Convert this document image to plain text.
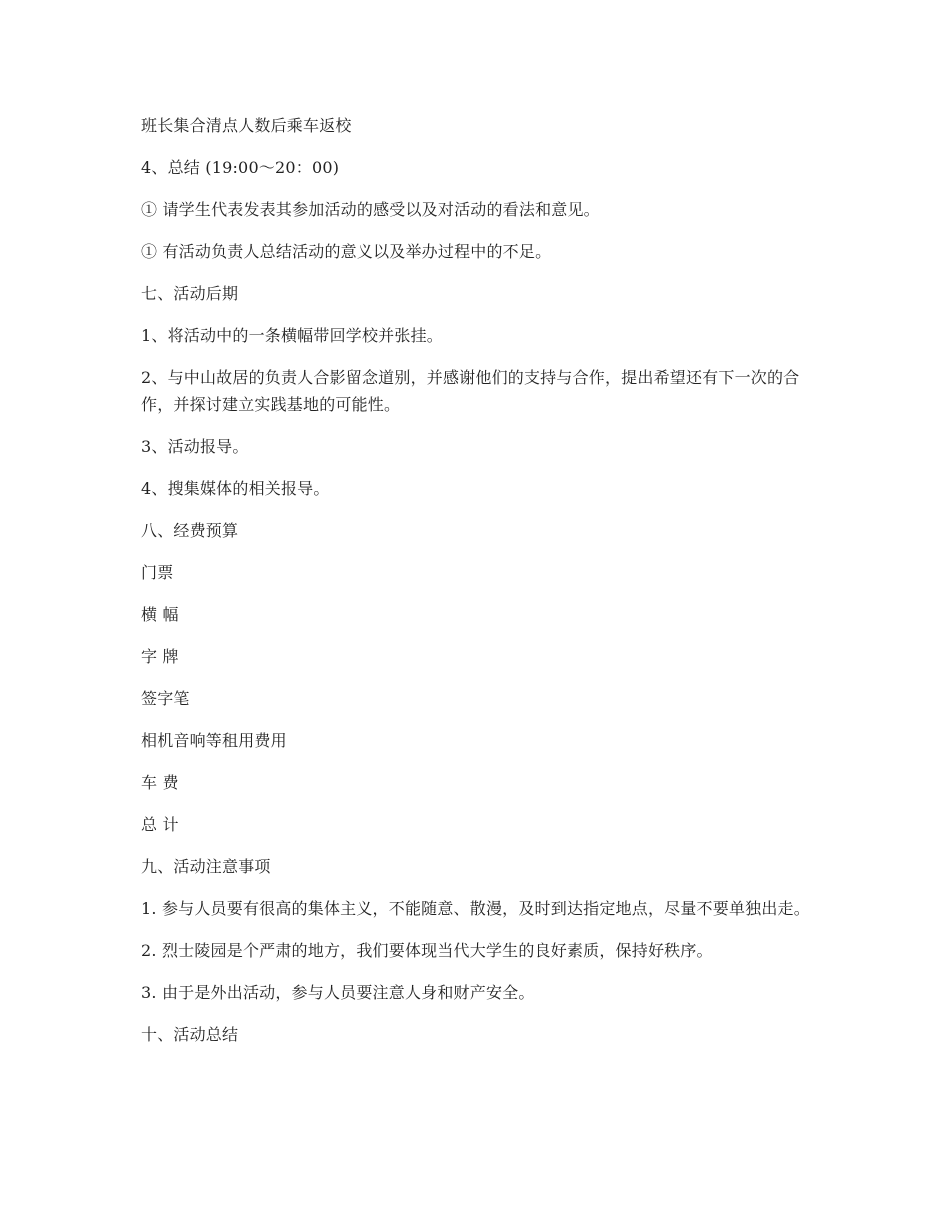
班长集合清点人数后乘车返校

4、总结 (19:00～20：00)

① 请学生代表发表其参加活动的感受以及对活动的看法和意见。

① 有活动负责人总结活动的意义以及举办过程中的不足。

七、活动后期

1、将活动中的一条横幅带回学校并张挂。

2、与中山故居的负责人合影留念道别，并感谢他们的支持与合作，提出希望还有下一次的合作，并探讨建立实践基地的可能性。

3、活动报导。

4、搜集媒体的相关报导。

八、经费预算

门票

横 幅

字 牌

签字笔

相机音响等租用费用

车 费

总 计

九、活动注意事项

1. 参与人员要有很高的集体主义，不能随意、散漫，及时到达指定地点，尽量不要单独出走。

2. 烈士陵园是个严肃的地方，我们要体现当代大学生的良好素质，保持好秩序。

3. 由于是外出活动，参与人员要注意人身和财产安全。

十、活动总结
